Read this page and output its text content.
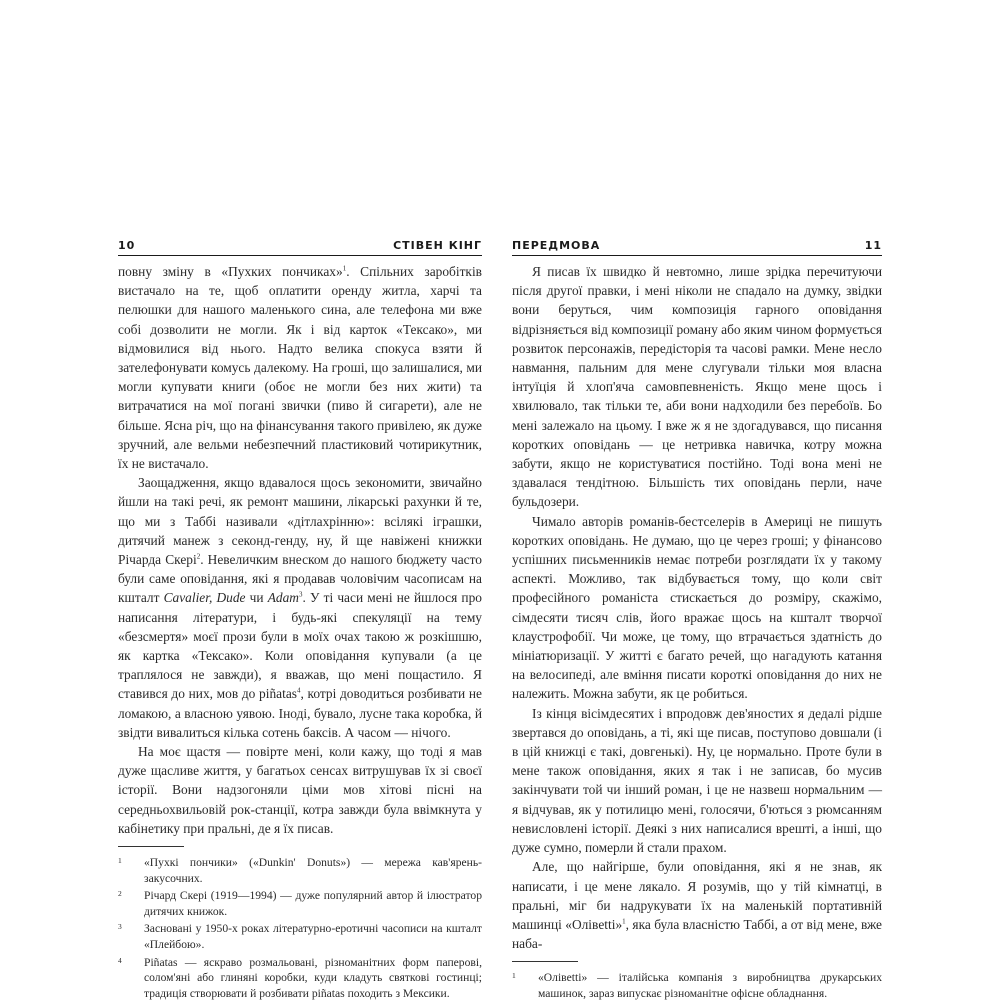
10	СТІВЕН КІНГ

повну зміну в «Пухких пончиках»$^1$. Спільних заробітків вистачало на те, щоб оплатити оренду житла, харчі та пелюшки для нашого маленького сина, але телефона ми вже собі дозволити не могли. Як і від карток «Тексако», ми відмовилися від нього. Надто велика спокуса взяти й зателефонувати комусь далекому. На гроші, що залишалися, ми могли купувати книги (обоє не могли без них жити) та витрачатися на мої погані звички (пиво й сигарети), але не більше. Ясна річ, що на фінансування такого привілею, як дуже зручний, але вельми небезпечний пластиковий чотирикутник, їх не вистачало.

Заощадження, якщо вдавалося щось зекономити, звичайно йшли на такі речі, як ремонт машини, лікарські рахунки й те, що ми з Таббі називали «дітлахрінню»: всілякі іграшки, дитячий манеж з секонд-генду, ну, й ще навіжені книжки Річарда Скері$^2$. Невеличким внеском до нашого бюджету часто були саме оповідання, які я продавав чоловічим часописам на кшталт Cavalier, Dude чи Adam$^3$. У ті часи мені не йшлося про написання літератури, і будь-які спекуляції на тему «безсмертя» моєї прози були в моїх очах такою ж розкішшю, як картка «Тексако». Коли оповідання купували (а це траплялося не завжди), я вважав, що мені пощастило. Я ставився до них, мов до piñatas$^4$, котрі доводиться розбивати не ломакою, а власною уявою. Іноді, бувало, лусне така коробка, й звідти вивалиться кілька сотень баксів. А часом — нічого.

На моє щастя — повірте мені, коли кажу, що тоді я мав дуже щасливе життя, у багатьох сенсах витрушував їх зі своєї історії. Вони надзогоняли ціми мов хітові пісні на середньохвильовій рок-станції, котра завжди була ввімкнута у кабінетику при пральні, де я їх писав.

1 «Пухкі пончики» («Dunkin' Donuts») — мережа кав'ярень-закусочних.
2 Річард Скері (1919—1994) — дуже популярний автор й ілюстратор дитячих книжок.
3 Засновані у 1950-х роках літературно-еротичні часописи на кшталт «Плейбою».
4 Piñatas — яскраво розмальовані, різноманітних форм паперові, солом'яні або глиняні коробки, куди кладуть святкові гостинці; традиція створювати й розбивати piñatas походить з Мексики.
ПЕРЕДМОВА	11

Я писав їх швидко й невтомно, лише зрідка перечитуючи після другої правки, і мені ніколи не спадало на думку, звідки вони беруться, чим композиція гарного оповідання відрізняється від композиції роману або яким чином формується розвиток персонажів, передісторія та часові рамки. Мене несло навмання, пальним для мене слугували тільки моя власна інтуїція й хлоп'яча самовпевненість. Якщо мене щось і хвилювало, так тільки те, аби вони надходили без перебоїв. Бо мені залежало на цьому. І вже ж я не здогадувався, що писання коротких оповідань — це нетривка навичка, котру можна забути, якщо не користуватися постійно. Тоді вона мені не здавалася тендітною. Більшість тих оповідань перли, наче бульдозери.

Чимало авторів романів-бестселерів в Америці не пишуть коротких оповідань. Не думаю, що це через гроші; у фінансово успішних письменників немає потреби розглядати їх у такому аспекті. Можливо, так відбувається тому, що коли світ професійного романіста стискається до розміру, скажімо, сімдесяти тисяч слів, його вражає щось на кшталт творчої клаустрофобії. Чи може, це тому, що втрачається здатність до мініатюризації. У житті є багато речей, що нагадують катання на велосипеді, але вміння писати короткі оповідання до них не належить. Можна забути, як це робиться.

Із кінця вісімдесятих і впродовж дев'яностих я дедалі рідше звертався до оповідань, а ті, які ще писав, поступово довшали (і в цій книжці є такі, довгенькі). Ну, це нормально. Проте були в мене також оповідання, яких я так і не записав, бо мусив закінчувати той чи інший роман, і це не назвеш нормальним — я відчував, як у потилицю мені, голосячи, б'ються з рюмсанням невисловлені історії. Деякі з них написалися врешті, а інші, що дуже сумно, померли й стали прахом.

Але, що найгірше, були оповідання, які я не знав, як написати, і це мене лякало. Я розумів, що у тій кімнатці, в пральні, міг би надрукувати їх на маленькій портативній машинці «Олівetti»$^1$, яка була власністю Таббі, а от від мене, вже наба-

1 «Олівetti» — італійська компанія з виробництва друкарських машинок, зараз випускає різноманітне офісне обладнання.
